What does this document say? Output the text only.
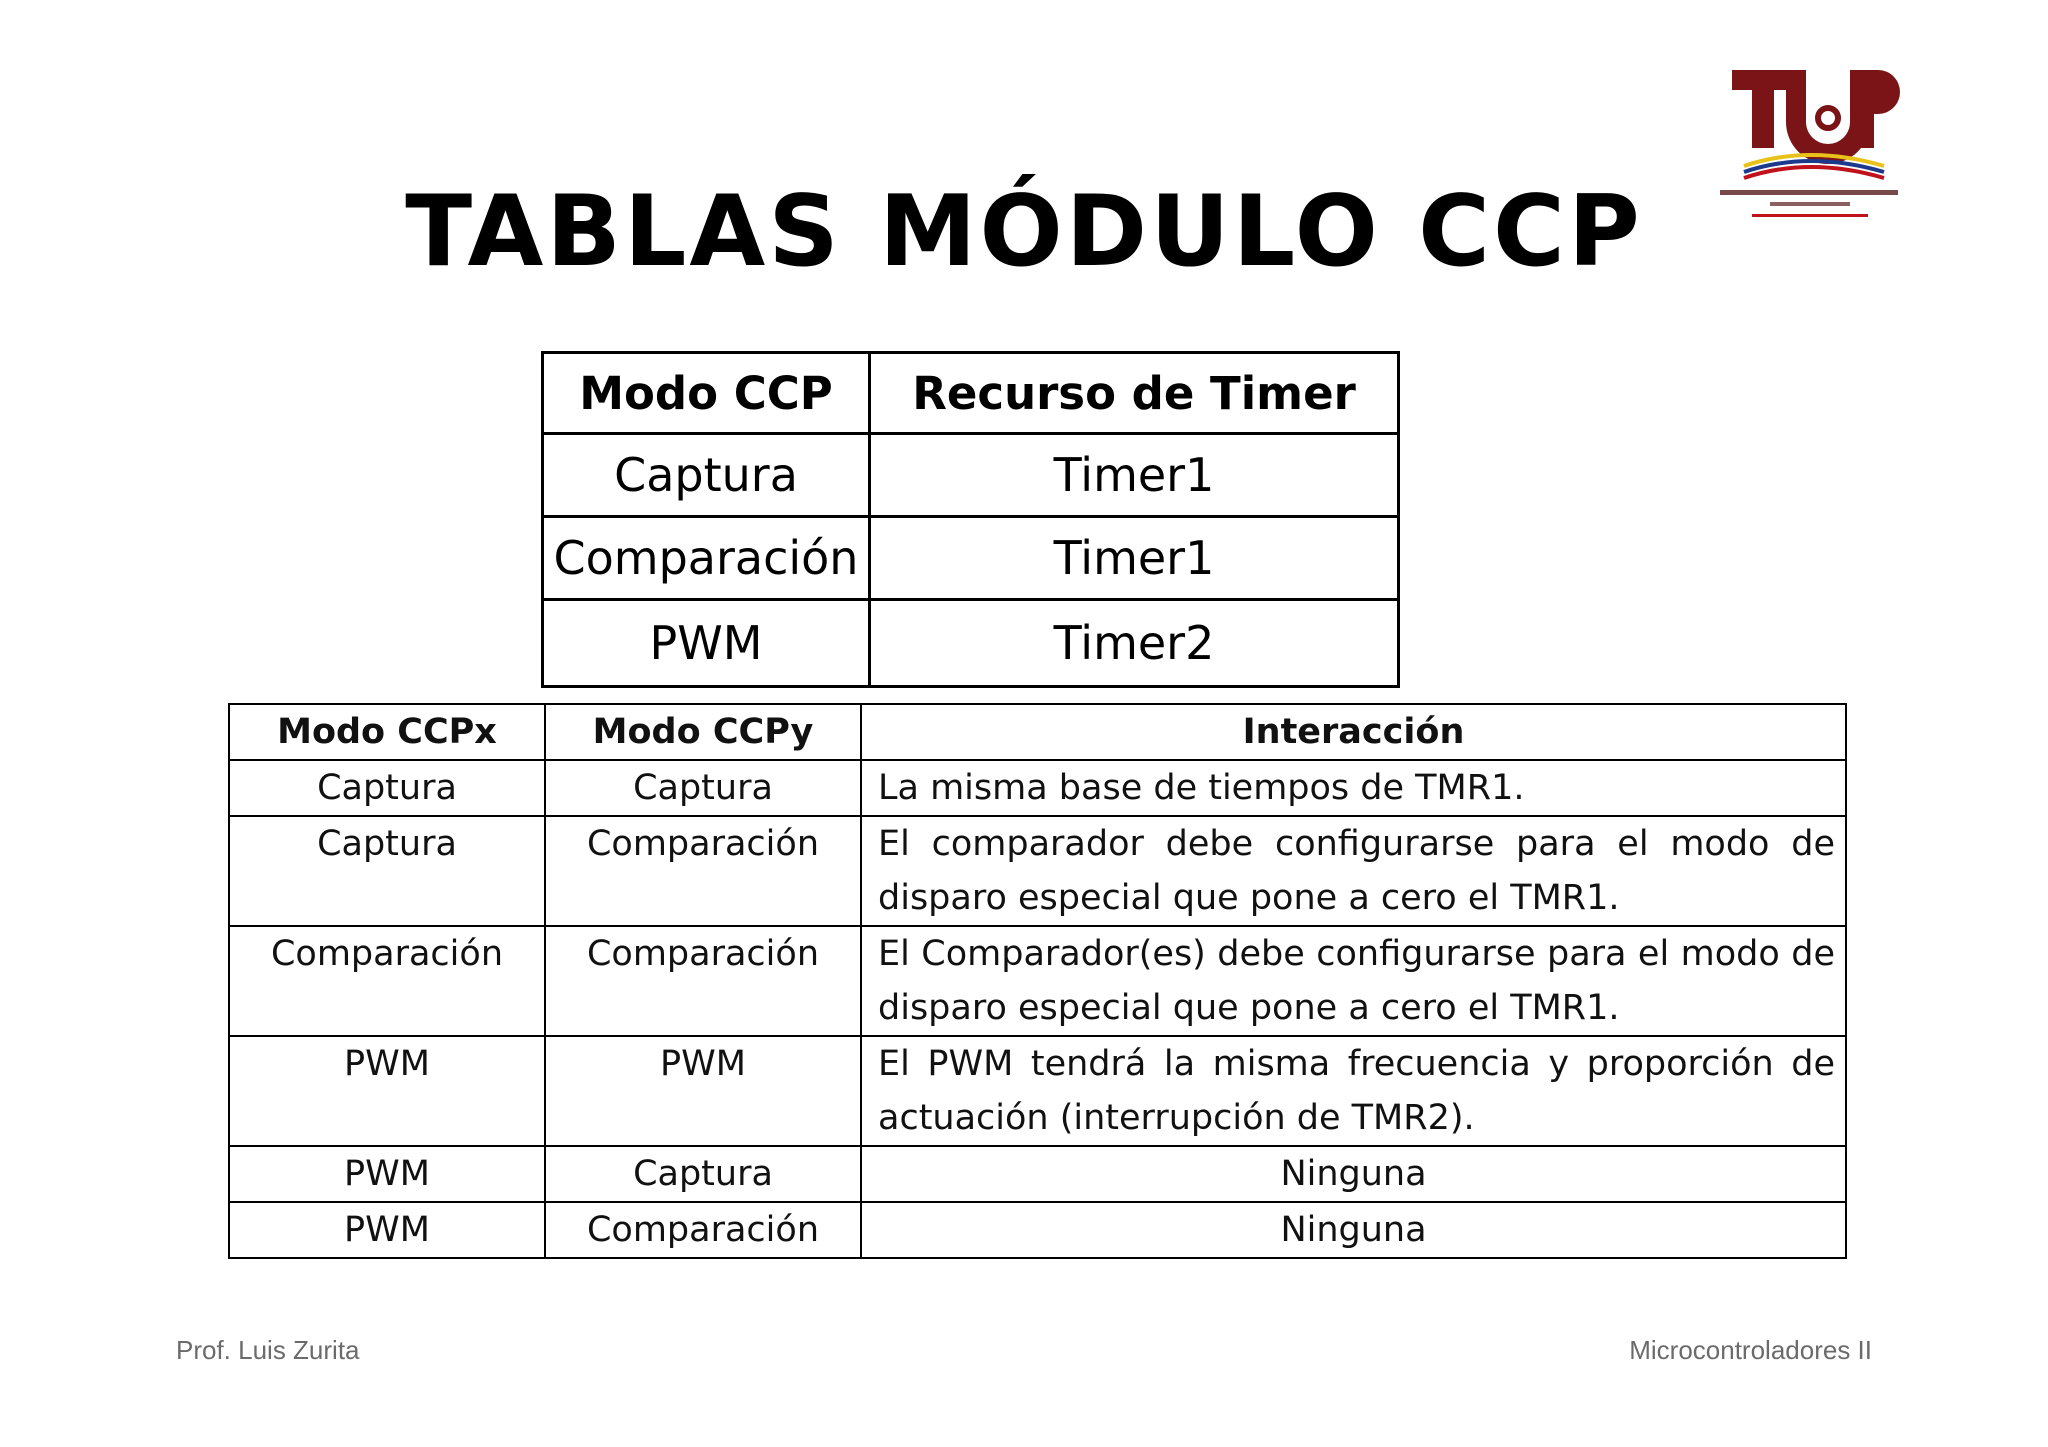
TABLAS MÓDULO CCP
Modo CCP	Recurso de Timer
Captura	Timer1
Comparación	Timer1
PWM	Timer2
Modo CCPx	Modo CCPy	Interacción
Captura	Captura	La misma base de tiempos de TMR1.
Captura	Comparación	El comparador debe configurarse para el modo de disparo especial que pone a cero el TMR1.
Comparación	Comparación	El Comparador(es) debe configurarse para el modo de disparo especial que pone a cero el TMR1.
PWM	PWM	El PWM tendrá la misma frecuencia y proporción de actuación (interrupción de TMR2).
PWM	Captura	Ninguna
PWM	Comparación	Ninguna
Prof. Luis Zurita	Microcontroladores II
